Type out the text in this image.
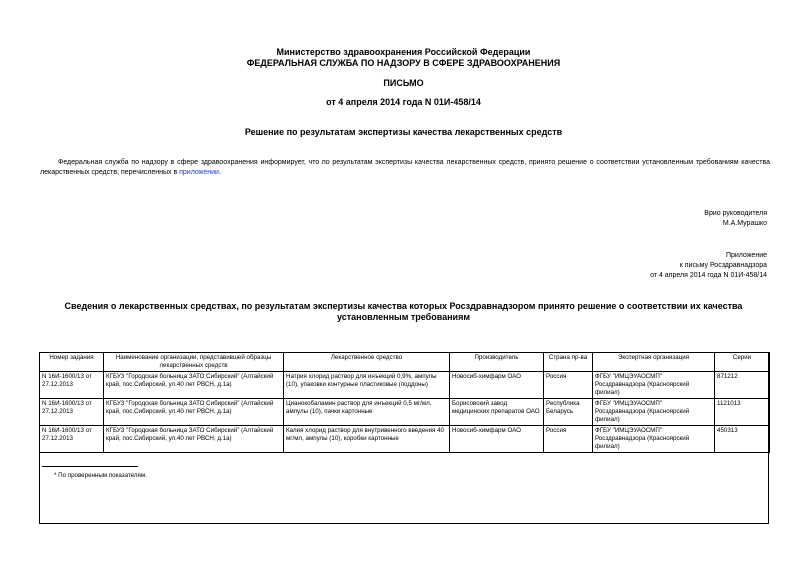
Министерство здравоохранения Российской Федерации
ФЕДЕРАЛЬНАЯ СЛУЖБА ПО НАДЗОРУ В СФЕРЕ ЗДРАВООХРАНЕНИЯ
ПИСЬМО
от 4 апреля 2014 года N 01И-458/14
Решение по результатам экспертизы качества лекарственных средств
Федеральная служба по надзору в сфере здравоохранения информирует, что по результатам экспертизы качества лекарственных средств, принято решение о соответствии установленным требованиям качества лекарственных средств, перечисленных в приложении.
Врио руководителя
М.А.Мурашко
Приложение
к письму Росздравнадзора
от 4 апреля 2014 года N 01И-458/14
Сведения о лекарственных средствах, по результатам экспертизы качества которых Росздравнадзором принято решение о соответствии их качества установленным требованиям
Номер задания	Наименование организации, представившей образцы лекарственных средств	Лекарственное средство	Производитель	Страна пр-ва	Экспертная организация	Серии
N 16И-1600/13 от 27.12.2013	КГБУЗ "Городская больница ЗАТО Сибирский" (Алтайский край, пос.Сибирский, ул.40 лет РВСН, д.1а)	Натрия хлорид раствор для инъекций 0,9%, ампулы (10), упаковки контурные пластиковые (поддоны)	Новосиб-химфарм ОАО	Россия	ФГБУ "ИМЦЭУАОСМП" Росздравнадзора (Красноярский филиал)	871212
N 16И-1600/13 от 27.12.2013	КГБУЗ "Городская больница ЗАТО Сибирский" (Алтайский край, пос.Сибирский, ул.40 лет РВСН, д.1а)	Цианокобаламин раствор для инъекций 0,5 мг/мл, ампулы (10), пачки картонные	Борисовский завод медицинских препаратов ОАО	Республика Беларусь	ФГБУ "ИМЦЭУАОСМП" Росздравнадзора (Красноярский филиал)	1121013
N 16И-1600/13 от 27.12.2013	КГБУЗ "Городская больница ЗАТО Сибирский" (Алтайский край, пос.Сибирский, ул.40 лет РВСН, д.1а)	Калия хлорид раствор для внутривенного введения 40 мг/мл, ампулы (10), коробки картонные	Новосиб-химфарм ОАО	Россия	ФГБУ "ИМЦЭУАОСМП" Росздравнадзора (Красноярский филиал)	450313
* По проверенным показателям.
